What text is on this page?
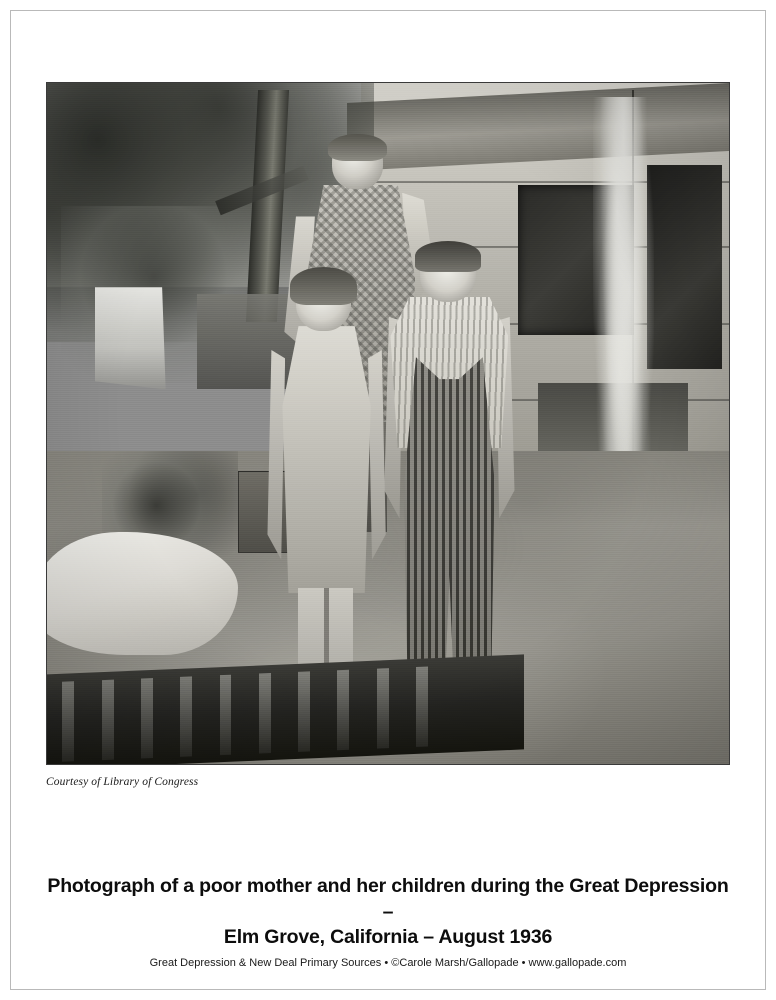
Courtesy of Library of Congress
Photograph of a poor mother and her children during the Great Depression –
Elm Grove, California – August 1936
Great Depression & New Deal Primary Sources • ©Carole Marsh/Gallopade • www.gallopade.com
